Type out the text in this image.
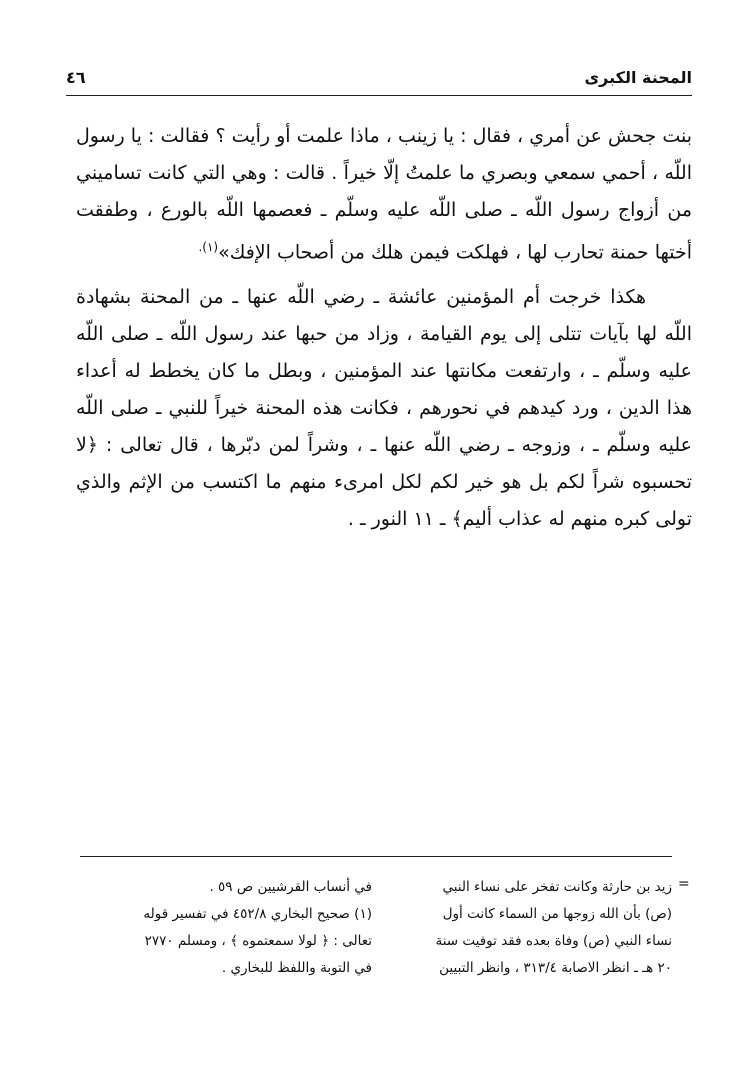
المحنة الكبرى
٤٦

بنت جحش عن أمري ، فقال : يا زينب ، ماذا علمت أو رأيت ؟ فقالت : يا رسول اللّه ، أحمي سمعي وبصري ما علمتُ إلّا خيراً . قالت : وهي التي كانت تساميني من أزواج رسول اللّه ـ صلى اللّه عليه وسلّم ـ فعصمها اللّه بالورع ، وطفقت أختها حمنة تحارب لها ، فهلكت فيمن هلك من أصحاب الإفك»$^{(١).}$

هكذا خرجت أم المؤمنين عائشة ـ رضي اللّه عنها ـ من المحنة بشهادة اللّه لها بآيات تتلى إلى يوم القيامة ، وزاد من حبها عند رسول اللّه ـ صلى اللّه عليه وسلّم ـ ، وارتفعت مكانتها عند المؤمنين ، وبطل ما كان يخطط له أعداء هذا الدين ، ورد كيدهم في نحورهم ، فكانت هذه المحنة خيراً للنبي ـ صلى اللّه عليه وسلّم ـ ، وزوجه ـ رضي اللّه عنها ـ ، وشراً لمن دبّرها ، قال تعالى : ﴿لا تحسبوه شراً لكم بل هو خير لكم لكل امرىء منهم ما اكتسب من الإثم والذي تولى كبره منهم له عذاب أليم﴾ ـ ١١ النور ـ .

=
زيد بن حارثة وكانت تفخر على نساء النبي
(ص) بأن الله زوجها من السماء كانت أول
نساء النبي (ص) وفاة بعده فقد توفيت سنة
٢٠ هـ ـ انظر الاصابة ٣١٣/٤ ، وانظر التبيين
في أنساب القرشيين ص ٥٩ .
(١) صحيح البخاري ٤٥٢/٨ في تفسير قوله
تعالى : ﴿ لولا سمعتموه ﴾ ، ومسلم ٢٧٧٠
في التوبة واللفظ للبخاري .
